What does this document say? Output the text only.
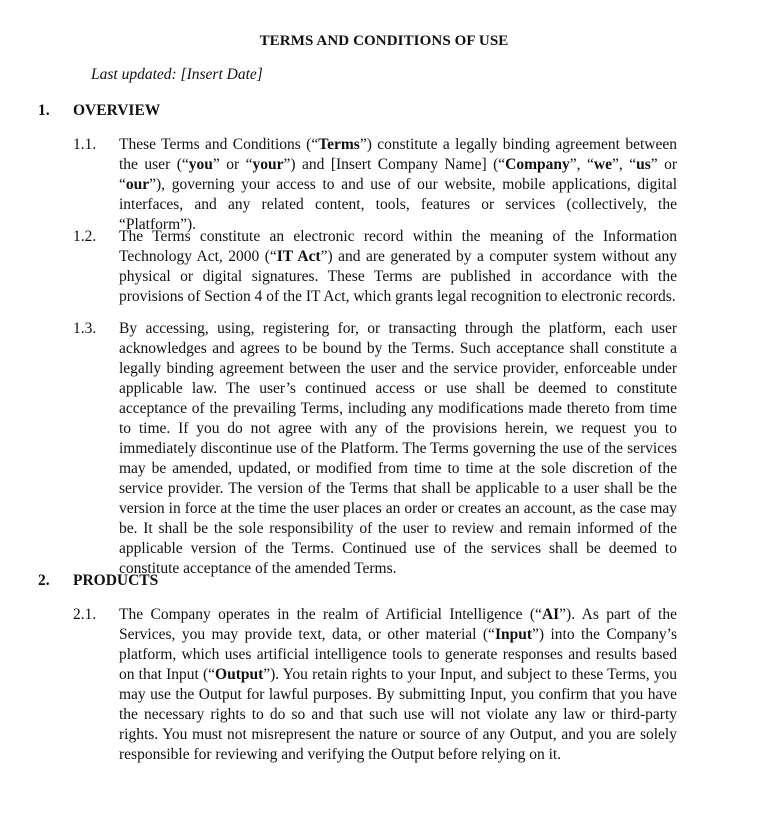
TERMS AND CONDITIONS OF USE
Last updated: [Insert Date]
1. OVERVIEW
1.1. These Terms and Conditions (“Terms”) constitute a legally binding agreement between the user (“you” or “your”) and [Insert Company Name] (“Company”, “we”, “us” or “our”), governing your access to and use of our website, mobile applications, digital interfaces, and any related content, tools, features or services (collectively, the “Platform”).
1.2. The Terms constitute an electronic record within the meaning of the Information Technology Act, 2000 (“IT Act”) and are generated by a computer system without any physical or digital signatures. These Terms are published in accordance with the provisions of Section 4 of the IT Act, which grants legal recognition to electronic records.
1.3. By accessing, using, registering for, or transacting through the platform, each user acknowledges and agrees to be bound by the Terms. Such acceptance shall constitute a legally binding agreement between the user and the service provider, enforceable under applicable law. The user’s continued access or use shall be deemed to constitute acceptance of the prevailing Terms, including any modifications made thereto from time to time. If you do not agree with any of the provisions herein, we request you to immediately discontinue use of the Platform. The Terms governing the use of the services may be amended, updated, or modified from time to time at the sole discretion of the service provider. The version of the Terms that shall be applicable to a user shall be the version in force at the time the user places an order or creates an account, as the case may be. It shall be the sole responsibility of the user to review and remain informed of the applicable version of the Terms. Continued use of the services shall be deemed to constitute acceptance of the amended Terms.
2. PRODUCTS
2.1. The Company operates in the realm of Artificial Intelligence (“AI”). As part of the Services, you may provide text, data, or other material (“Input”) into the Company’s platform, which uses artificial intelligence tools to generate responses and results based on that Input (“Output”). You retain rights to your Input, and subject to these Terms, you may use the Output for lawful purposes. By submitting Input, you confirm that you have the necessary rights to do so and that such use will not violate any law or third-party rights. You must not misrepresent the nature or source of any Output, and you are solely responsible for reviewing and verifying the Output before relying on it.
